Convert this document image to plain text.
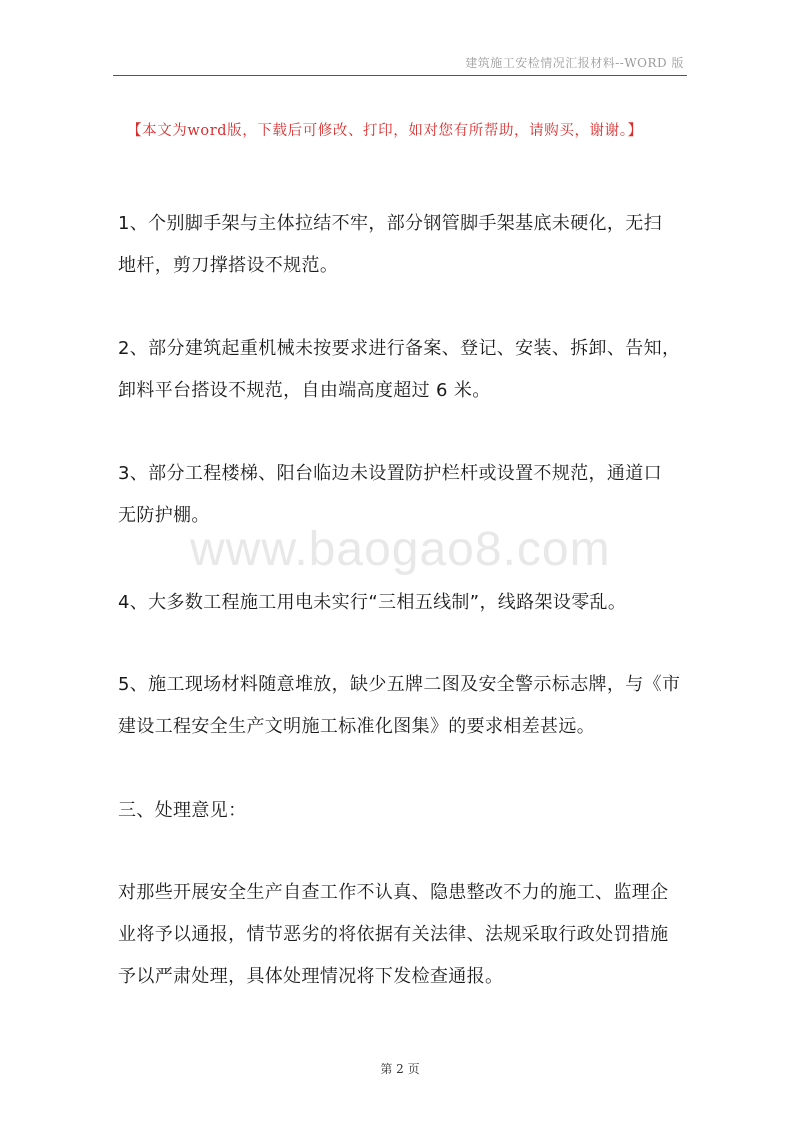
建筑施工安检情况汇报材料--WORD 版
【本文为word版，下载后可修改、打印，如对您有所帮助，请购买，谢谢。】
www.baogao8.com
1、个别脚手架与主体拉结不牢，部分钢管脚手架基底未硬化，无扫
地杆，剪刀撑搭设不规范。
2、部分建筑起重机械未按要求进行备案、登记、安装、拆卸、告知，
卸料平台搭设不规范，自由端高度超过 6 米。
3、部分工程楼梯、阳台临边未设置防护栏杆或设置不规范，通道口
无防护棚。
4、大多数工程施工用电未实行“三相五线制”，线路架设零乱。
5、施工现场材料随意堆放，缺少五牌二图及安全警示标志牌，与《市
建设工程安全生产文明施工标准化图集》的要求相差甚远。
三、处理意见：
对那些开展安全生产自查工作不认真、隐患整改不力的施工、监理企
业将予以通报，情节恶劣的将依据有关法律、法规采取行政处罚措施
予以严肃处理，具体处理情况将下发检查通报。
第 2 页
